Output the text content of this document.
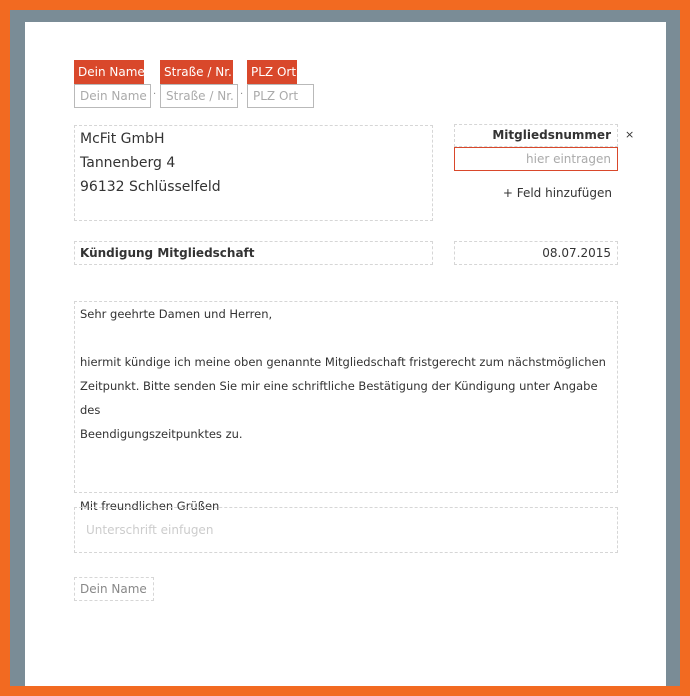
Dein Name	Straße / Nr.	PLZ Ort
Dein Name · Straße / Nr. · PLZ Ort
McFit GmbH
Tannenberg 4
96132 Schlüsselfeld
Mitgliedsnummer	×
hier eintragen
+ Feld hinzufügen
Kündigung Mitgliedschaft	08.07.2015
Sehr geehrte Damen und Herren,
hiermit kündige ich meine oben genannte Mitgliedschaft fristgerecht zum nächstmöglichen
Zeitpunkt. Bitte senden Sie mir eine schriftliche Bestätigung der Kündigung unter Angabe des
Beendigungszeitpunktes zu.
Mit freundlichen Grüßen
Unterschrift einfugen
Dein Name
